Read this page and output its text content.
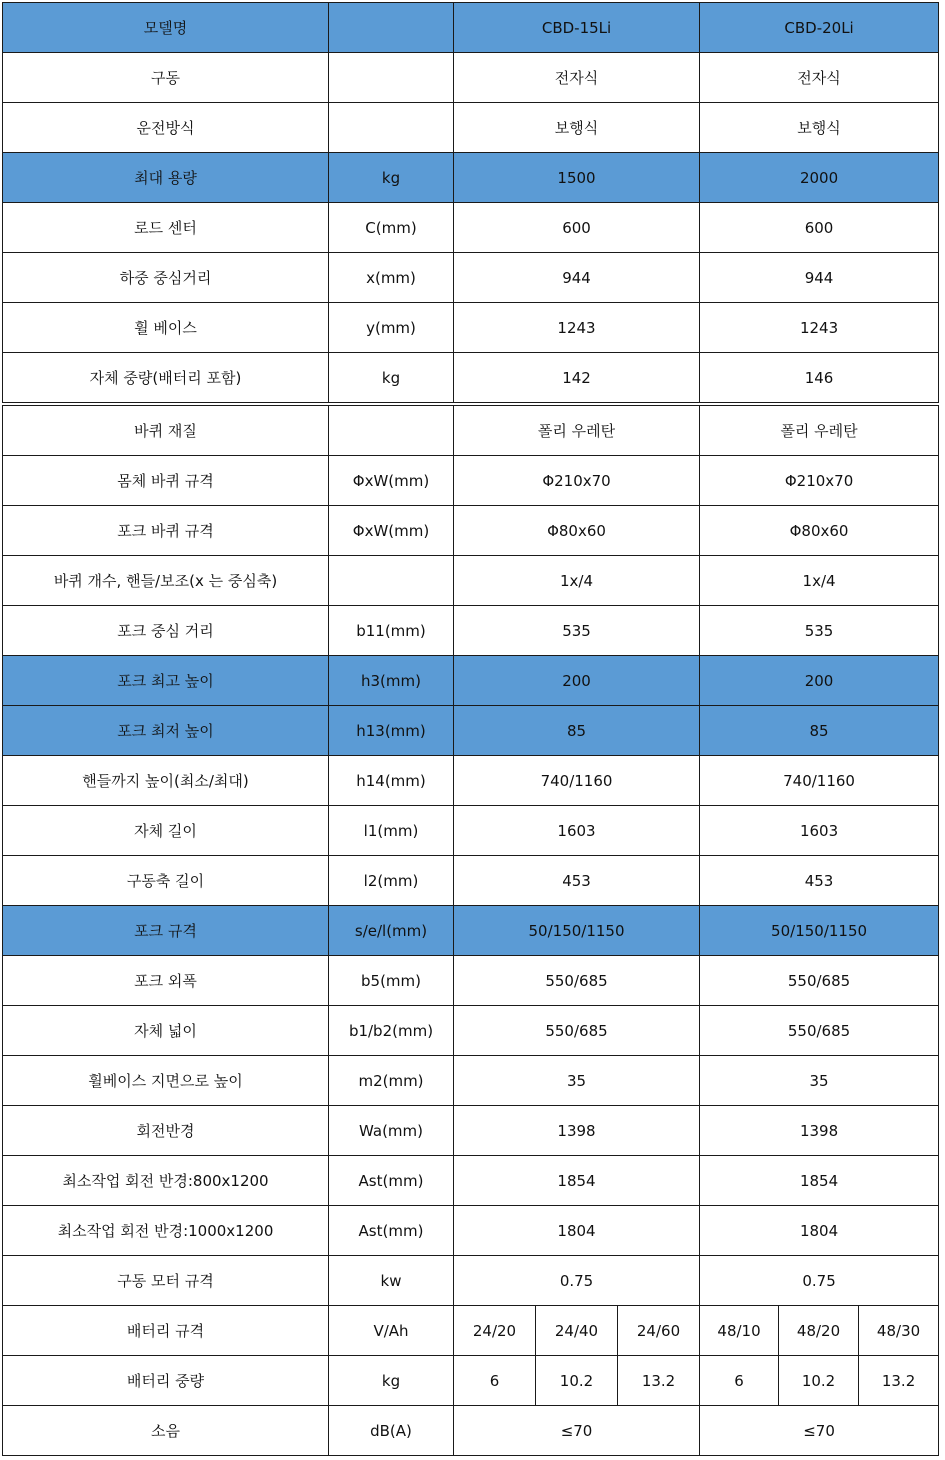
모델명		CBD-15Li	CBD-20Li
구동		전자식	전자식
운전방식		보행식	보행식
최대 용량	kg	1500	2000
로드 센터	C(mm)	600	600
하중 중심거리	x(mm)	944	944
휠 베이스	y(mm)	1243	1243
자체 중량(배터리 포함)	kg	142	146
바퀴 재질		폴리 우레탄			폴리 우레탄		
몸체 바퀴 규격	ΦxW(mm)	Φ210x70			Φ210x70		
포크 바퀴 규격	ΦxW(mm)	Φ80x60			Φ80x60		
바퀴 개수, 핸들/보조(x 는 중심축)		1x/4			1x/4		
포크 중심 거리	b11(mm)	535			535		
포크 최고 높이	h3(mm)	200			200		
포크 최저 높이	h13(mm)	85			85		
핸들까지 높이(최소/최대)	h14(mm)	740/1160			740/1160		
자체 길이	l1(mm)	1603			1603		
구동축 길이	l2(mm)	453			453		
포크 규격	s/e/l(mm)	50/150/1150			50/150/1150		
포크 외폭	b5(mm)	550/685			550/685		
자체 넓이	b1/b2(mm)	550/685			550/685		
휠베이스 지면으로 높이	m2(mm)	35			35		
회전반경	Wa(mm)	1398			1398		
최소작업 회전 반경:800x1200	Ast(mm)	1854			1854		
최소작업 회전 반경:1000x1200	Ast(mm)	1804			1804		
구동 모터 규격	kw	0.75			0.75		
배터리 규격	V/Ah	24/20	24/40	24/60	48/10	48/20	48/30
배터리 중량	kg	6	10.2	13.2	6	10.2	13.2
소음	dB(A)	≤70			≤70		
